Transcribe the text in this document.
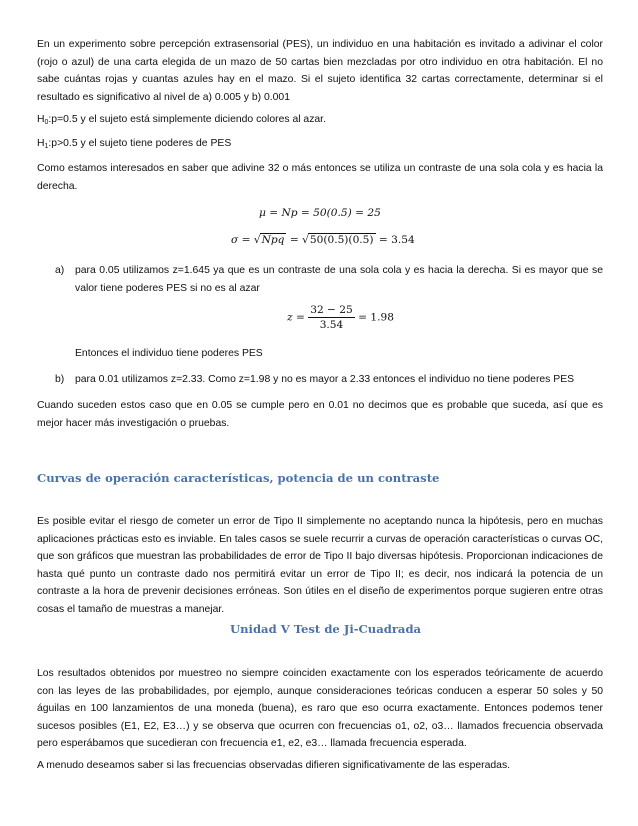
En un experimento sobre percepción extrasensorial (PES), un individuo en una habitación es invitado a adivinar el color (rojo o azul) de una carta elegida de un mazo de 50 cartas bien mezcladas por otro individuo en otra habitación. El no sabe cuántas rojas y cuantas azules hay en el mazo. Si el sujeto identifica 32 cartas correctamente, determinar si el resultado es significativo al nivel de a) 0.005 y b) 0.001

$H_0:p=0.5$ y el sujeto está simplemente diciendo colores al azar.

$H_1:p>0.5$ y el sujeto tiene poderes de PES

Como estamos interesados en saber que adivine 32 o más entonces se utiliza un contraste de una sola cola y es hacia la derecha.

μ = Np = 50(0.5) = 25
σ = √Npq = √50(0.5)(0.5) = 3.54
a) para 0.05 utilizamos z=1.645 ya que es un contraste de una sola cola y es hacia la derecha. Si es mayor que se valor tiene poderes PES si no es al azar

$z = \frac{32 - 25}{3.54} = 1.98$

Entonces el individuo tiene poderes PES

b) para 0.01 utilizamos z=2.33. Como z=1.98 y no es mayor a 2.33 entonces el individuo no tiene poderes PES

Cuando suceden estos caso que en 0.05 se cumple pero en 0.01 no decimos que es probable que suceda, así que es mejor hacer más investigación o pruebas.

Curvas de operación características, potencia de un contraste

Es posible evitar el riesgo de cometer un error de Tipo II simplemente no aceptando nunca la hipótesis, pero en muchas aplicaciones prácticas esto es inviable. En tales casos se suele recurrir a curvas de operación características o curvas OC, que son gráficos que muestran las probabilidades de error de Tipo II bajo diversas hipótesis. Proporcionan indicaciones de hasta qué punto un contraste dado nos permitirá evitar un error de Tipo II; es decir, nos indicará la potencia de un contraste a la hora de prevenir decisiones erróneas. Son útiles en el diseño de experimentos porque sugieren entre otras cosas el tamaño de muestras a manejar.

Unidad V Test de Ji-Cuadrada

Los resultados obtenidos por muestreo no siempre coinciden exactamente con los esperados teóricamente de acuerdo con las leyes de las probabilidades, por ejemplo, aunque consideraciones teóricas conducen a esperar 50 soles y 50 águilas en 100 lanzamientos de una moneda (buena), es raro que eso ocurra exactamente. Entonces podemos tener sucesos posibles (E1, E2, E3…) y se observa que ocurren con frecuencias o1, o2, o3… llamados frecuencia observada pero esperábamos que sucedieran con frecuencia e1, e2, e3… llamada frecuencia esperada.

A menudo deseamos saber si las frecuencias observadas difieren significativamente de las esperadas.
